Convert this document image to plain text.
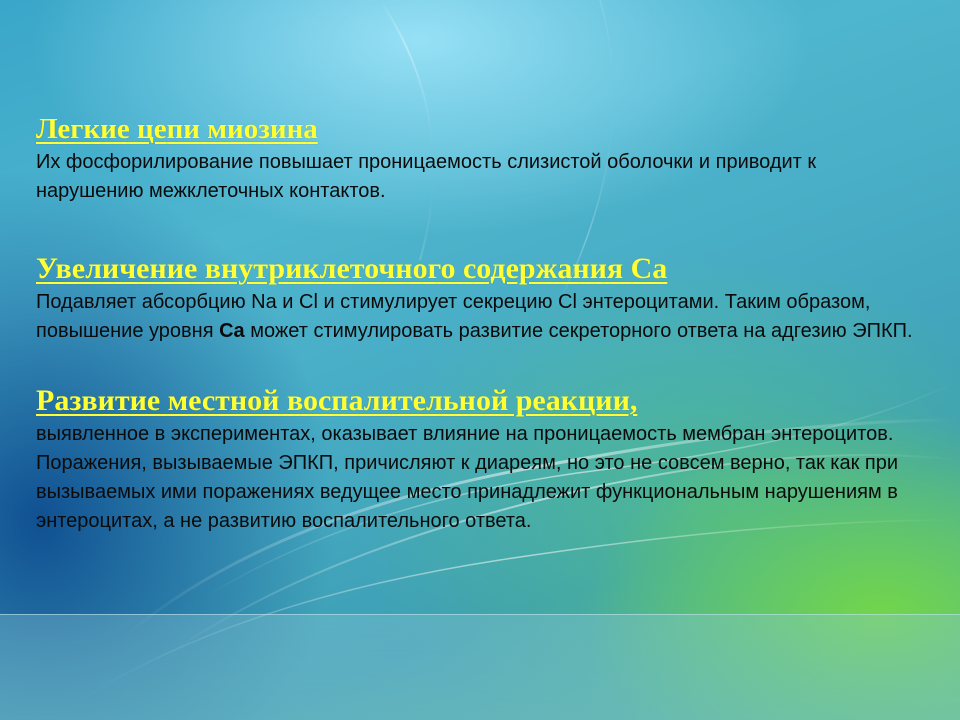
Легкие цепи миозина

Их фосфорилирование повышает проницаемость слизистой оболочки и приводит к нарушению межклеточных контактов.

Увеличение внутриклеточного содержания Ca

Подавляет абсорбцию Na и Cl и стимулирует секрецию Cl энтероцитами. Таким образом, повышение уровня Ca может стимулировать развитие секреторного ответа на адгезию ЭПКП.

Развитие местной воспалительной реакции,

выявленное в экспериментах, оказывает влияние на проницаемость мембран энтероцитов. Поражения, вызываемые ЭПКП, причисляют к диареям, но это не совсем верно, так как при вызываемых ими поражениях ведущее место принадлежит функциональным нарушениям в энтероцитах, а не развитию воспалительного ответа.
